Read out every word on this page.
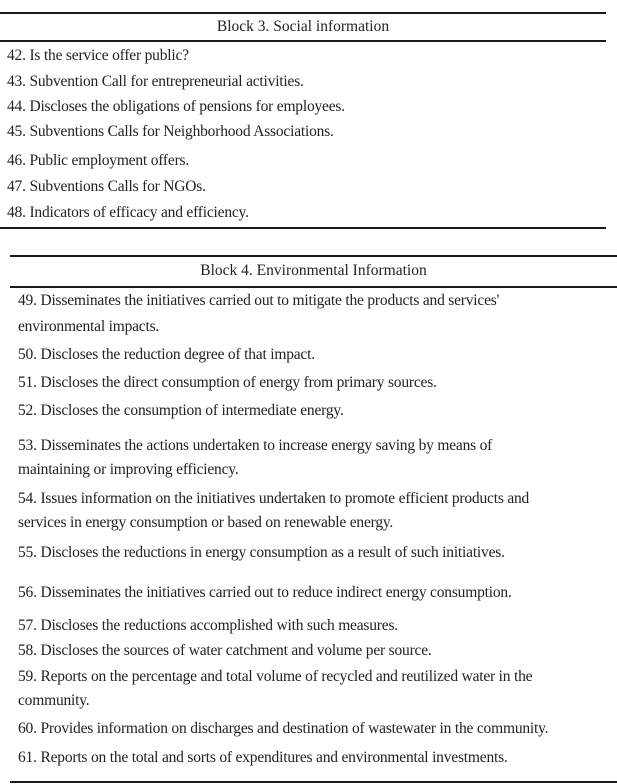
Block 3. Social information
42. Is the service offer public?
43. Subvention Call for entrepreneurial activities.
44. Discloses the obligations of pensions for employees.
45. Subventions Calls for Neighborhood Associations.
46. Public employment offers.
47. Subventions Calls for NGOs.
48. Indicators of efficacy and efficiency.
Block 4. Environmental Information
49. Disseminates the initiatives carried out to mitigate the products and services'
environmental impacts.
50. Discloses the reduction degree of that impact.
51. Discloses the direct consumption of energy from primary sources.
52. Discloses the consumption of intermediate energy.
53. Disseminates the actions undertaken to increase energy saving by means of
maintaining or improving efficiency.
54. Issues information on the initiatives undertaken to promote efficient products and
services in energy consumption or based on renewable energy.
55. Discloses the reductions in energy consumption as a result of such initiatives.
56. Disseminates the initiatives carried out to reduce indirect energy consumption.
57. Discloses the reductions accomplished with such measures.
58. Discloses the sources of water catchment and volume per source.
59. Reports on the percentage and total volume of recycled and reutilized water in the
community.
60. Provides information on discharges and destination of wastewater in the community.
61. Reports on the total and sorts of expenditures and environmental investments.
